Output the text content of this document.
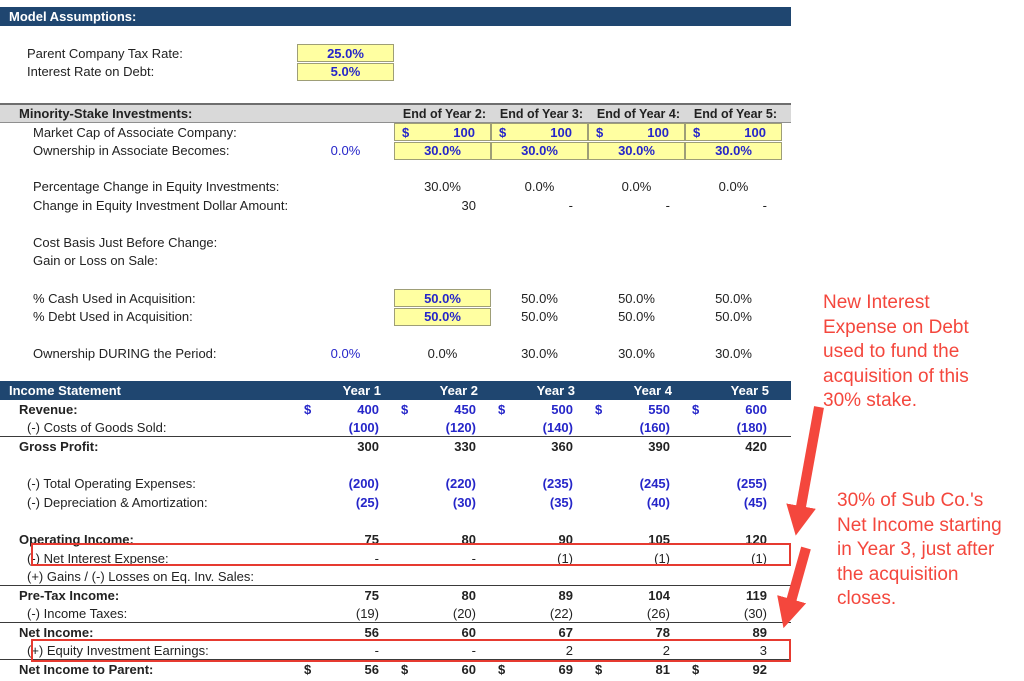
Model Assumptions:
Parent Company Tax Rate:	25.0%
Interest Rate on Debt:	5.0%
Minority-Stake Investments:	End of Year 2:	End of Year 3:	End of Year 4:	End of Year 5:
Market Cap of Associate Company:	$	100 $	100 $	100 $	100
Ownership in Associate Becomes:	0.0%	30.0%	30.0%	30.0%	30.0%
Percentage Change in Equity Investments:	30.0%	0.0%	0.0%	0.0%
Change in Equity Investment Dollar Amount:	30	-	-	-
Cost Basis Just Before Change:
Gain or Loss on Sale:
% Cash Used in Acquisition:	50.0%	50.0%	50.0%	50.0%
% Debt Used in Acquisition:	50.0%	50.0%	50.0%	50.0%
Ownership DURING the Period:	0.0%	0.0%	30.0%	30.0%	30.0%
Income Statement	Year 1	Year 2	Year 3	Year 4	Year 5
Revenue:	$	400 $	450 $	500 $	550 $	600
(-) Costs of Goods Sold:	(100)	(120)	(140)	(160)	(180)
Gross Profit:	300	330	360	390	420
(-) Total Operating Expenses:	(200)	(220)	(235)	(245)	(255)
(-) Depreciation & Amortization:	(25)	(30)	(35)	(40)	(45)
Operating Income:	75	80	90	105	120
(-) Net Interest Expense:	-	-	(1)	(1)	(1)
(+) Gains / (-) Losses on Eq. Inv. Sales:
Pre-Tax Income:	75	80	89	104	119
(-) Income Taxes:	(19)	(20)	(22)	(26)	(30)
Net Income:	56	60	67	78	89
(+) Equity Investment Earnings:	-	-	2	2	3
Net Income to Parent:	$	56 $	60 $	69 $	81 $	92
New Interest Expense on Debt used to fund the acquisition of this 30% stake.
30% of Sub Co.'s Net Income starting in Year 3, just after the acquisition closes.
